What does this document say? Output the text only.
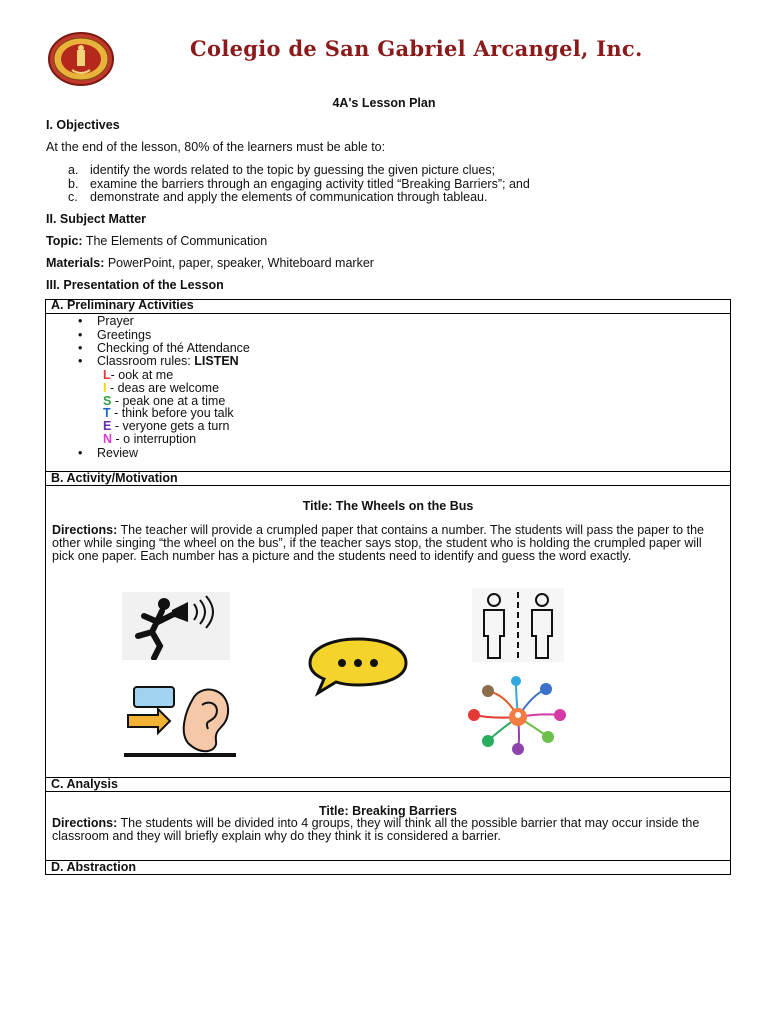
Colegio de San Gabriel Arcangel, Inc.
4A's Lesson Plan
I. Objectives
At the end of the lesson, 80% of the learners must be able to:
a. identify the words related to the topic by guessing the given picture clues;
b. examine the barriers through an engaging activity titled “Breaking Barriers”; and
c. demonstrate and apply the elements of communication through tableau.
II. Subject Matter
Topic: The Elements of Communication
Materials: PowerPoint, paper, speaker, Whiteboard marker
III. Presentation of the Lesson
A. Preliminary Activities
• Prayer
• Greetings
• Checking of thé Attendance
• Classroom rules: LISTEN
L- ook at me
I - deas are welcome
S - peak one at a time
T - think before you talk
E - veryone gets a turn
N - o interruption
• Review
B. Activity/Motivation
Title: The Wheels on the Bus
Directions: The teacher will provide a crumpled paper that contains a number. The students will pass the paper to the other while singing “the wheel on the bus”, if the teacher says stop, the student who is holding the crumpled paper will pick one paper. Each number has a picture and the students need to identify and guess the word exactly.
C. Analysis
Title: Breaking Barriers
Directions: The students will be divided into 4 groups, they will think all the possible barrier that may occur inside the classroom and they will briefly explain why do they think it is considered a barrier.
D. Abstraction
